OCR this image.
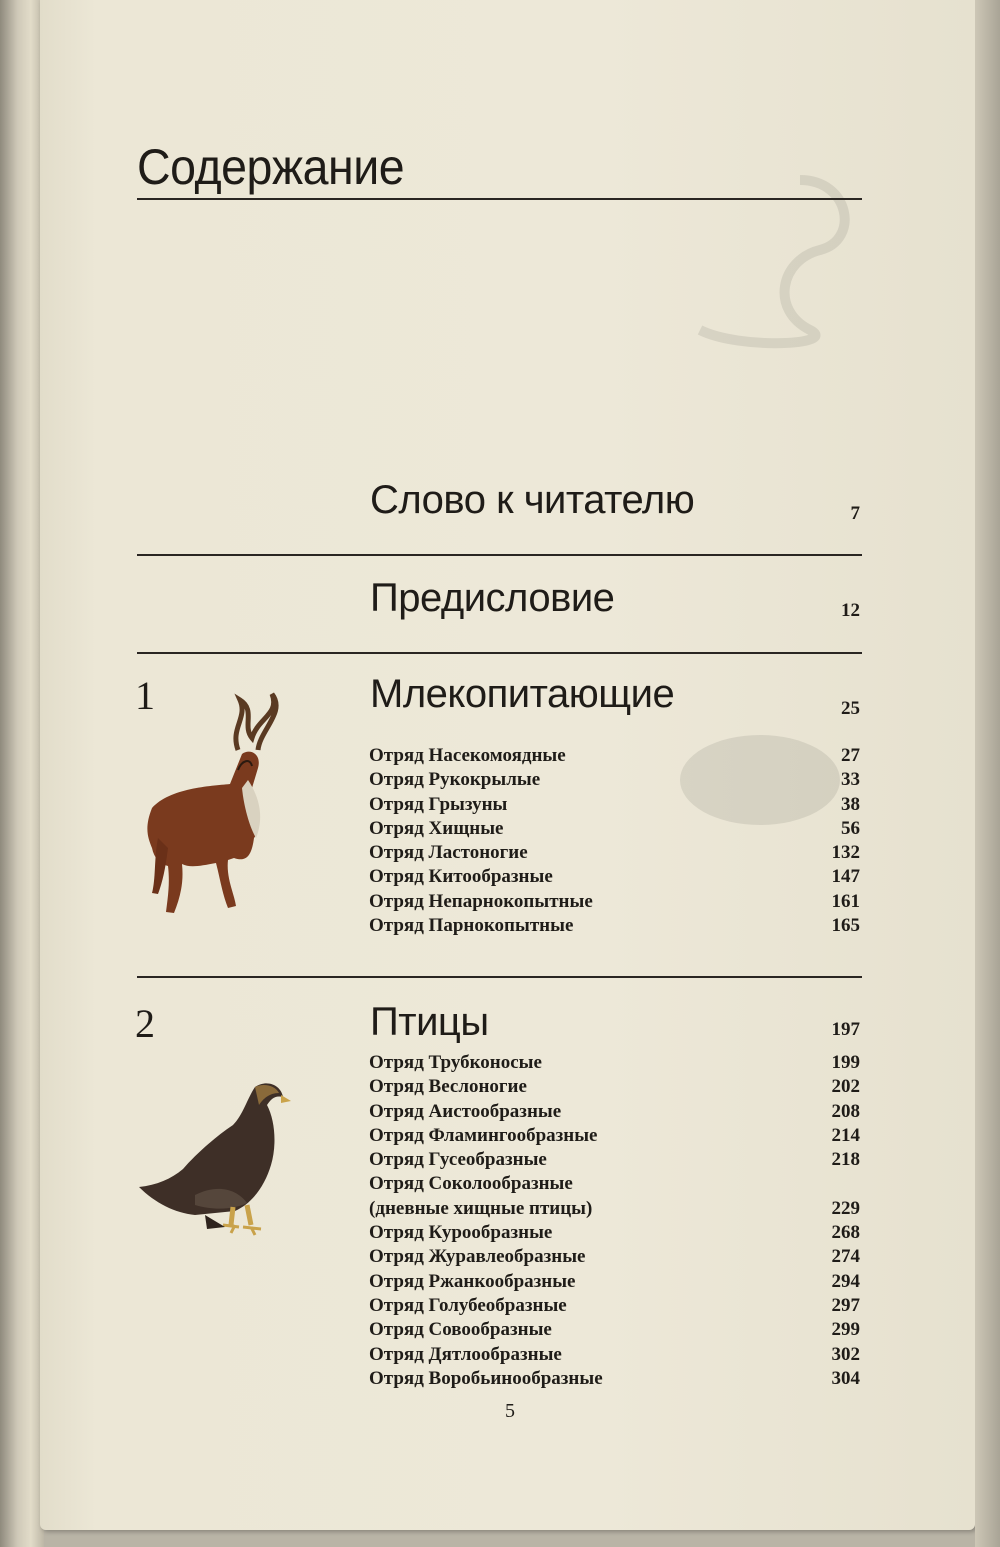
Содержание
Слово к читателю	7
Предисловие	12
1	Млекопитающие	25
Отряд Насекомоядные	27
Отряд Рукокрылые	33
Отряд Грызуны	38
Отряд Хищные	56
Отряд Ластоногие	132
Отряд Китообразные	147
Отряд Непарнокопытные	161
Отряд Парнокопытные	165
2	Птицы	197
Отряд Трубконосые	199
Отряд Веслоногие	202
Отряд Аистообразные	208
Отряд Фламингообразные	214
Отряд Гусеобразные	218
Отряд Соколообразные
(дневные хищные птицы)	229
Отряд Курообразные	268
Отряд Журавлеобразные	274
Отряд Ржанкообразные	294
Отряд Голубеобразные	297
Отряд Совообразные	299
Отряд Дятлообразные	302
Отряд Воробьинообразные	304
5
